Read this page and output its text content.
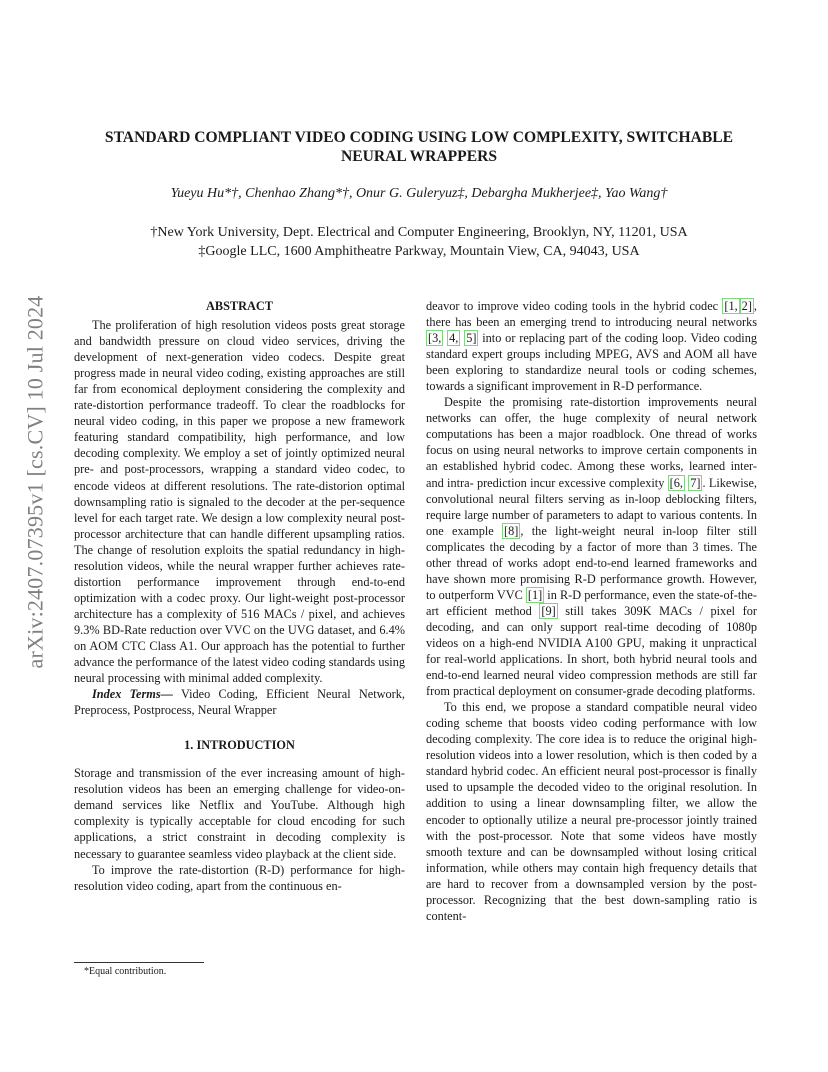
arXiv:2407.07395v1 [cs.CV] 10 Jul 2024
STANDARD COMPLIANT VIDEO CODING USING LOW COMPLEXITY, SWITCHABLE
NEURAL WRAPPERS
Yueyu Hu*†, Chenhao Zhang*†, Onur G. Guleryuz‡, Debargha Mukherjee‡, Yao Wang†
†New York University, Dept. Electrical and Computer Engineering, Brooklyn, NY, 11201, USA
‡Google LLC, 1600 Amphitheatre Parkway, Mountain View, CA, 94043, USA
ABSTRACT

The proliferation of high resolution videos posts great storage and bandwidth pressure on cloud video services, driving the development of next-generation video codecs. Despite great progress made in neural video coding, existing approaches are still far from economical deployment considering the complexity and rate-distortion performance tradeoff. To clear the roadblocks for neural video coding, in this paper we propose a new framework featuring standard compatibility, high performance, and low decoding complexity. We employ a set of jointly optimized neural pre- and post-processors, wrapping a standard video codec, to encode videos at different resolutions. The rate-distorion optimal downsampling ratio is signaled to the decoder at the per-sequence level for each target rate. We design a low complexity neural post-processor architecture that can handle different upsampling ratios. The change of resolution exploits the spatial redundancy in high-resolution videos, while the neural wrapper further achieves rate-distortion performance improvement through end-to-end optimization with a codec proxy. Our light-weight post-processor architecture has a complexity of 516 MACs / pixel, and achieves 9.3% BD-Rate reduction over VVC on the UVG dataset, and 6.4% on AOM CTC Class A1. Our approach has the potential to further advance the performance of the latest video coding standards using neural processing with minimal added complexity.

Index Terms— Video Coding, Efficient Neural Network, Preprocess, Postprocess, Neural Wrapper

1. INTRODUCTION

Storage and transmission of the ever increasing amount of high-resolution videos has been an emerging challenge for video-on-demand services like Netflix and YouTube. Although high complexity is typically acceptable for cloud encoding for such applications, a strict constraint in decoding complexity is necessary to guarantee seamless video playback at the client side.

To improve the rate-distortion (R-D) performance for high-resolution video coding, apart from the continuous en-

deavor to improve video coding tools in the hybrid codec [1, 2] , there has been an emerging trend to introducing neural networks [3, 4, 5] into or replacing part of the coding loop. Video coding standard expert groups including MPEG, AVS and AOM all have been exploring to standardize neural tools or coding schemes, towards a significant improvement in R-D performance.

Despite the promising rate-distortion improvements neural networks can offer, the huge complexity of neural network computations has been a major roadblock. One thread of works focus on using neural networks to improve certain components in an established hybrid codec. Among these works, learned inter- and intra- prediction incur excessive complexity [6, 7] . Likewise, convolutional neural filters serving as in-loop deblocking filters, require large number of parameters to adapt to various contents. In one example [8] , the light-weight neural in-loop filter still complicates the decoding by a factor of more than 3 times. The other thread of works adopt end-to-end learned frameworks and have shown more promising R-D performance growth. However, to outperform VVC [1] in R-D performance, even the state-of-the-art efficient method [9] still takes 309K MACs / pixel for decoding, and can only support real-time decoding of 1080p videos on a high-end NVIDIA A100 GPU, making it unpractical for real-world applications. In short, both hybrid neural tools and end-to-end learned neural video compression methods are still far from practical deployment on consumer-grade decoding platforms.

To this end, we propose a standard compatible neural video coding scheme that boosts video coding performance with low decoding complexity. The core idea is to reduce the original high-resolution videos into a lower resolution, which is then coded by a standard hybrid codec. An efficient neural post-processor is finally used to upsample the decoded video to the original resolution. In addition to using a linear downsampling filter, we allow the encoder to optionally utilize a neural pre-processor jointly trained with the post-processor. Note that some videos have mostly smooth texture and can be downsampled without losing critical information, while others may contain high frequency details that are hard to recover from a downsampled version by the post-processor. Recognizing that the best down-sampling ratio is content-

*Equal contribution.
